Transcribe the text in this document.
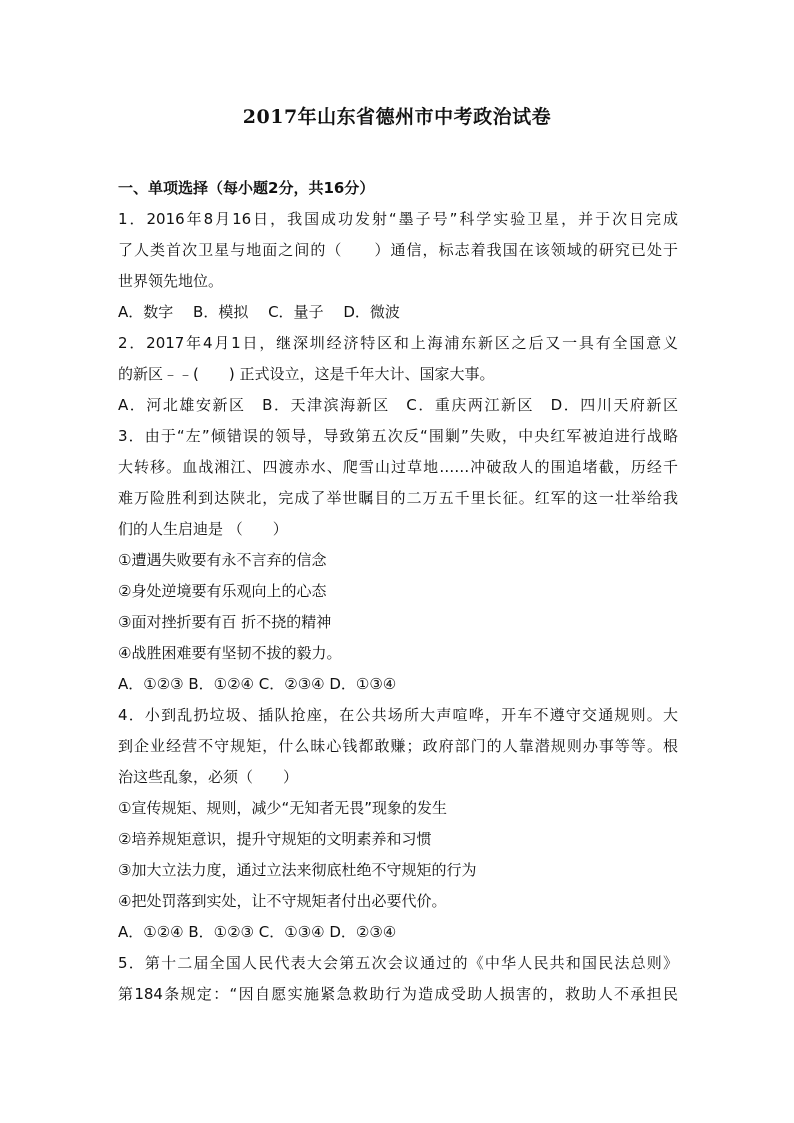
2017年山东省德州市中考政治试卷
一、单项选择（每小题2分，共16分）
1．2016年8月16日，我国成功发射“墨子号”科学实验卫星，并于次日完成
了人类首次卫星与地面之间的（　　）通信，标志着我国在该领域的研究已处于
世界领先地位。
A．数字　 B．模拟　 C．量子　 D．微波
2．2017年4月1日，继深圳经济特区和上海浦东新区之后又一具有全国意义
的新区﹣﹣(　　) 正式设立，这是千年大计、国家大事。
A．河北雄安新区　B．天津滨海新区　C．重庆两江新区　D．四川天府新区
3．由于“左”倾错误的领导，导致第五次反“围剿”失败，中央红军被迫进行战略
大转移。血战湘江、四渡赤水、爬雪山过草地……冲破敌人的围追堵截，历经千
难万险胜利到达陕北，完成了举世瞩目的二万五千里长征。红军的这一壮举给我
们的人生启迪是 （　　）
①遭遇失败要有永不言弃的信念
②身处逆境要有乐观向上的心态
③面对挫折要有百 折不挠的精神
④战胜困难要有坚韧不拔的毅力。
A．①②③ B．①②④ C．②③④ D．①③④
4．小到乱扔垃圾、插队抢座，在公共场所大声喧哗，开车不遵守交通规则。大
到企业经营不守规矩，什么昧心钱都敢赚；政府部门的人靠潜规则办事等等。根
治这些乱象，必须（　　）
①宣传规矩、规则，减少“无知者无畏”现象的发生
②培养规矩意识，提升守规矩的文明素养和习惯
③加大立法力度，通过立法来彻底杜绝不守规矩的行为
④把处罚落到实处，让不守规矩者付出必要代价。
A．①②④ B．①②③ C．①③④ D．②③④
5．第十二届全国人民代表大会第五次会议通过的《中华人民共和国民法总则》
第184条规定：“因自愿实施紧急救助行为造成受助人损害的，救助人不承担民
